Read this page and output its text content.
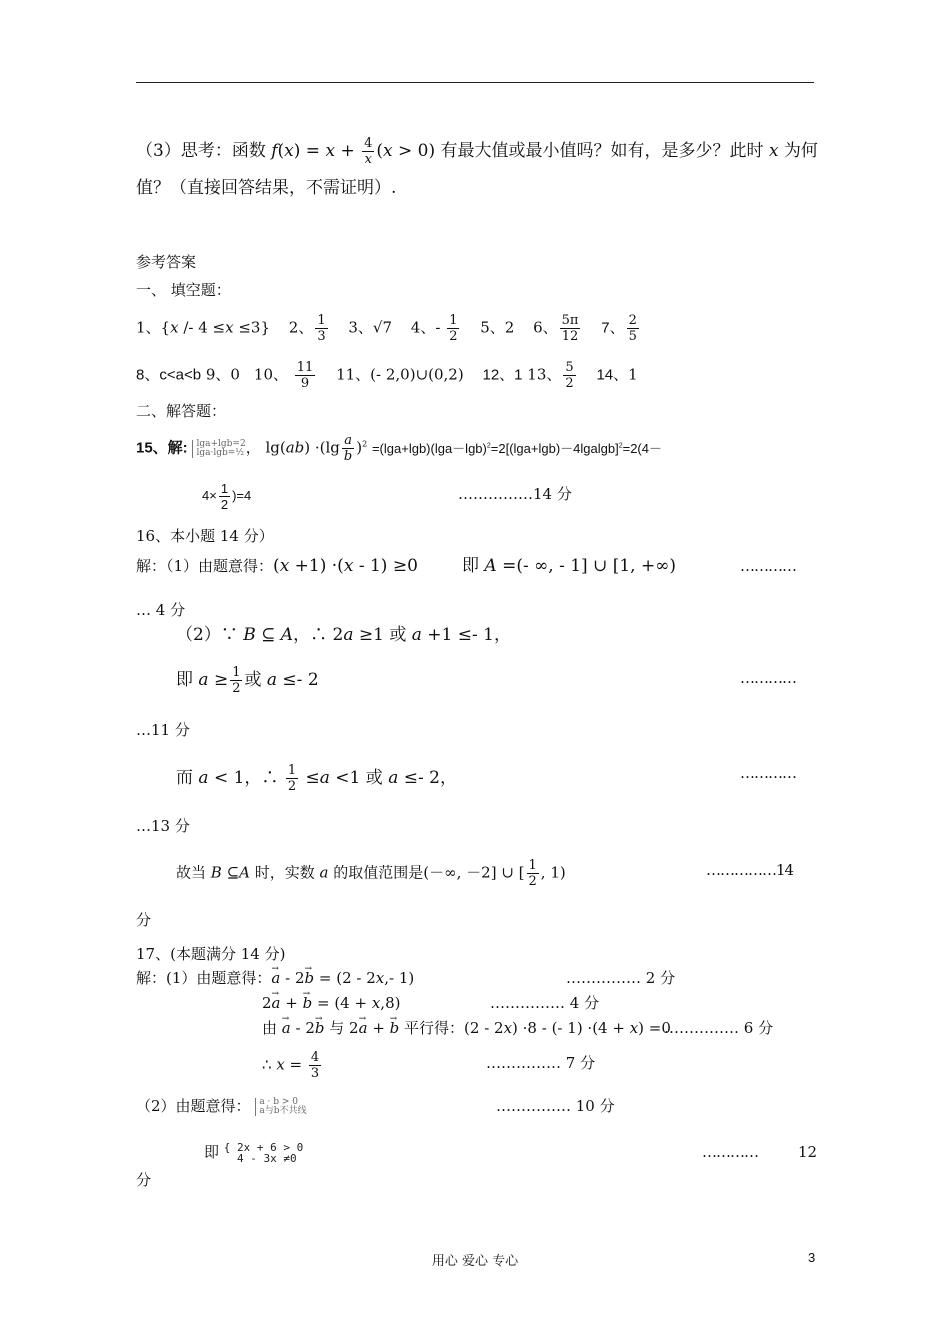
（3）思考：函数 $f(x) = x + \frac{4}{x} (x > 0)$ 有最大值或最小值吗？如有，是多少？此时 x 为何
值？（直接回答结果，不需证明）.
参考答案
一、 填空题：
1、{x /- 4 ≤x ≤3} 2、 $\frac{1}{3} 3$、√7 4、- $\frac{1}{2} 5$、2 6、 $\frac{5\pi}{12} 7$、 $\frac{2}{5}$
8、c<a<b 9、0 10、 $\frac{11}{9} 11$、(- 2,0)∪(0,2) 12、1 13、 $\frac{5}{2} 14$、1
二、解答题：
15、解: lga+lgb=2
lga·lgb=½ ， $\lg(ab) \cdot(\lg \frac{a}{b} )^2 =(\lg a+\lg b)(\lg a-\lg b)^2=2[(\lg a+\lg b)-4lgalgb]^2=2(4-$
$4\times \frac{1}{2} )=4$	……………14 分
16、本小题 14 分）
解：（1）由题意得：(x +1) ·(x - 1) ≥0	即 A =(- ∞, - 1] ∪ [1, +∞)	…………
… 4 分
（2）∵ B ⊆ A，∴ 2a ≥1 或 a +1 ≤- 1，
即 $a \ge \frac{1}{2}$ 或 a ≤- 2	…………
…11 分
而 a < 1，∴ $\frac{1}{2} \le a <1$ 或 a ≤- 2，	…………
…13 分
故当 B ⊆A 时，实数 a 的取值范围是(－∞, －2] ∪ [ $\frac{1}{2}$ , 1)	……………14
分
17、(本题满分 14 分)
解：(1）由题意得：→ a - 2→ b = (2 - 2x,- 1)	…………… 2 分
2→ a + → b = (4 + x,8)	…………… 4 分
由 → a - 2→ b 与 2→ a + → b 平行得：(2 - 2x) ·8 - (- 1) ·(4 + x) =0
…………… 6 分
∴ $x = \frac{4}{3}$	…………… 7 分
（2）由题意得： a · b > 0
a与b不共线	…………… 10 分
即 { 2x + 6 > 0
4 - 3x ≠0	…………	12
分
用心 爱心 专心	3
